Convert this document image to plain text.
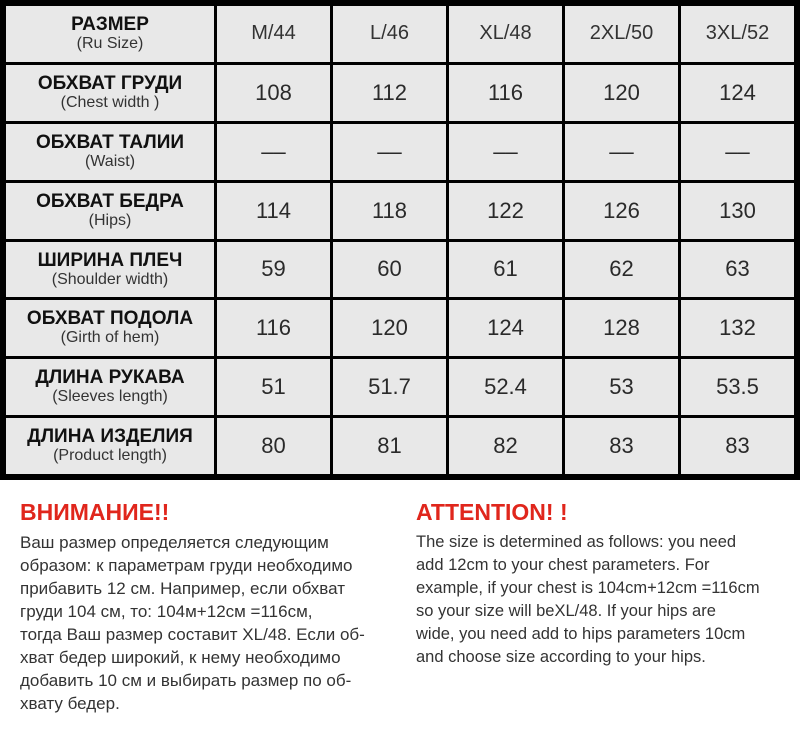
РАЗМЕР
(Ru Size)	M/44	L/46	XL/48	2XL/50	3XL/52
ОБХВАТ ГРУДИ
(Chest width )	108	112	116	120	124
ОБХВАТ ТАЛИИ
(Waist)	––	––	––	––	––
ОБХВАТ БЕДРА
(Hips)	114	118	122	126	130
ШИРИНА ПЛЕЧ
(Shoulder width)	59	60	61	62	63
ОБХВАТ ПОДОЛА
(Girth of hem)	116	120	124	128	132
ДЛИНА РУКАВА
(Sleeves length)	51	51.7	52.4	53	53.5
ДЛИНА ИЗДЕЛИЯ
(Product length)	80	81	82	83	83
ВНИМАНИЕ!!

Ваш размер определяется следующим
образом: к параметрам груди необходимо
прибавить 12 см. Например, если обхват
груди 104 см, то: 104м+12см =116см,
тогда Ваш размер составит XL/48. Если об-
хват бедер широкий, к нему необходимо
добавить 10 см и выбирать размер по об-
хвату бедер.

ATTENTION! !

The size is determined as follows: you need
add 12cm to your chest parameters. For
example, if your chest is 104cm+12cm =116cm
so your size will beXL/48. If your hips are
wide, you need add to hips parameters 10cm
and choose size according to your hips.
